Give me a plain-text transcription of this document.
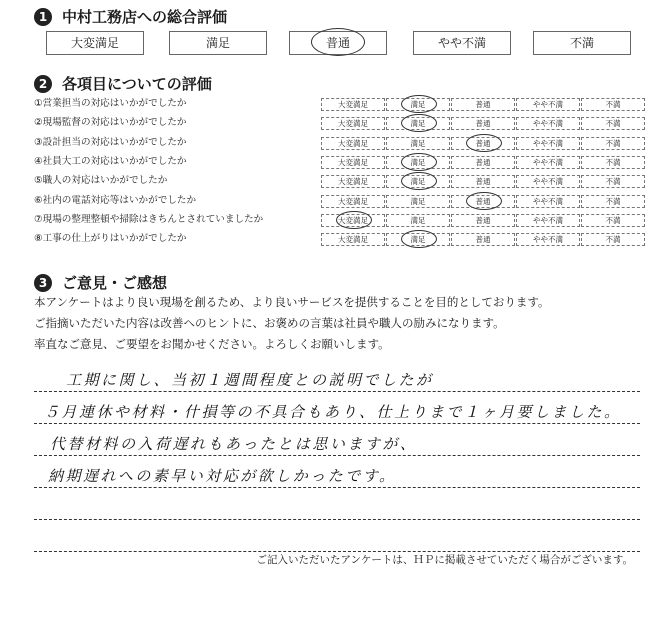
1 中村工務店への総合評価
大変満足	満足	普通	やや不満	不満
2 各項目についての評価
①営業担当の対応はいかがでしたか	大変満足	満足	普通	やや不満	不満
②現場監督の対応はいかがでしたか	大変満足	満足	普通	やや不満	不満
③設計担当の対応はいかがでしたか	大変満足	満足	普通	やや不満	不満
④社員大工の対応はいかがでしたか	大変満足	満足	普通	やや不満	不満
⑤職人の対応はいかがでしたか	大変満足	満足	普通	やや不満	不満
⑥社内の電話対応等はいかがでしたか	大変満足	満足	普通	やや不満	不満
⑦現場の整理整頓や掃除はきちんとされていましたか	大変満足	満足	普通	やや不満	不満
⑧工事の仕上がりはいかがでしたか	大変満足	満足	普通	やや不満	不満
3 ご意見・ご感想
本アンケートはより良い現場を創るため、より良いサービスを提供することを目的としております。
ご指摘いただいた内容は改善へのヒントに、お褒めの言葉は社員や職人の励みになります。
率直なご意見、ご要望をお聞かせください。よろしくお願いします。
工期に関し、当初１週間程度との説明でしたが
５月連休や材料・什損等の不具合もあり、仕上りまで１ヶ月要しました。
代替材料の入荷遅れもあったとは思いますが、
納期遅れへの素早い対応が欲しかったです。
ご記入いただいたアンケートは、ＨＰに掲載させていただく場合がございます。
